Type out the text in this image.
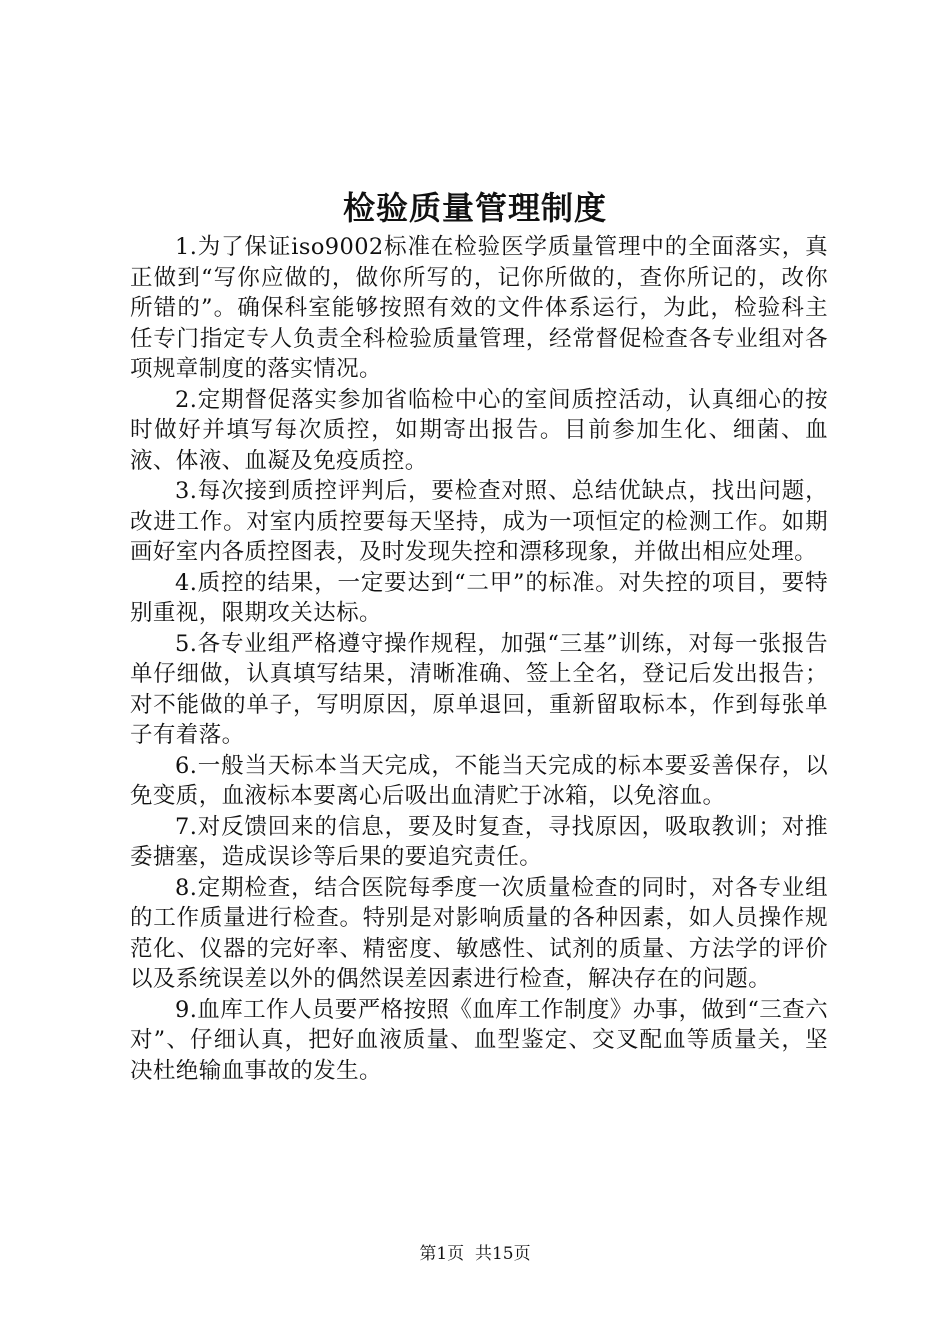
检验质量管理制度

1.为了保证iso9002标准在检验医学质量管理中的全面落实，真正做到“写你应做的，做你所写的，记你所做的，查你所记的，改你所错的”。确保科室能够按照有效的文件体系运行，为此，检验科主任专门指定专人负责全科检验质量管理，经常督促检查各专业组对各项规章制度的落实情况。

2.定期督促落实参加省临检中心的室间质控活动，认真细心的按时做好并填写每次质控，如期寄出报告。目前参加生化、细菌、血液、体液、血凝及免疫质控。

3.每次接到质控评判后，要检查对照、总结优缺点，找出问题，改进工作。对室内质控要每天坚持，成为一项恒定的检测工作。如期画好室内各质控图表，及时发现失控和漂移现象，并做出相应处理。

4.质控的结果，一定要达到“二甲”的标准。对失控的项目，要特别重视，限期攻关达标。

5.各专业组严格遵守操作规程，加强“三基”训练，对每一张报告单仔细做，认真填写结果，清晰准确、签上全名，登记后发出报告；对不能做的单子，写明原因，原单退回，重新留取标本，作到每张单子有着落。

6.一般当天标本当天完成，不能当天完成的标本要妥善保存，以免变质，血液标本要离心后吸出血清贮于冰箱，以免溶血。

7.对反馈回来的信息，要及时复查，寻找原因，吸取教训；对推委搪塞，造成误诊等后果的要追究责任。

8.定期检查，结合医院每季度一次质量检查的同时，对各专业组的工作质量进行检查。特别是对影响质量的各种因素，如人员操作规范化、仪器的完好率、精密度、敏感性、试剂的质量、方法学的评价以及系统误差以外的偶然误差因素进行检查，解决存在的问题。

9.血库工作人员要严格按照《血库工作制度》办事，做到“三查六对”、仔细认真，把好血液质量、血型鉴定、交叉配血等质量关，坚决杜绝输血事故的发生。

第1页  共15页
